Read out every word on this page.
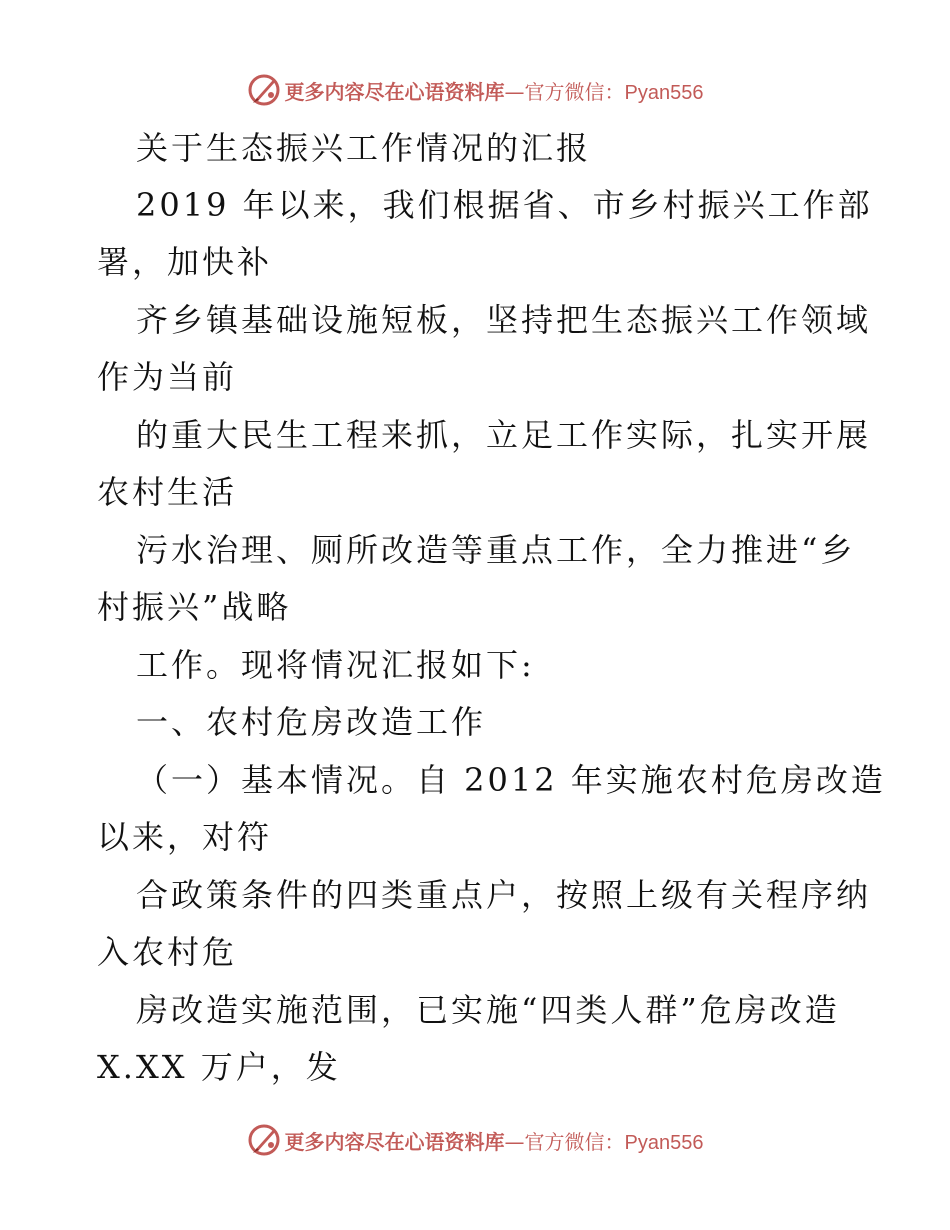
更多内容尽在心语资料库—官方微信：Pyan556
关于生态振兴工作情况的汇报
2019 年以来，我们根据省、市乡村振兴工作部
署，加快补
齐乡镇基础设施短板，坚持把生态振兴工作领域
作为当前
的重大民生工程来抓，立足工作实际，扎实开展
农村生活
污水治理、厕所改造等重点工作，全力推进“乡
村振兴”战略
工作。现将情况汇报如下:
一、农村危房改造工作
（一）基本情况。自 2012 年实施农村危房改造
以来，对符
合政策条件的四类重点户，按照上级有关程序纳
入农村危
房改造实施范围，已实施“四类人群”危房改造
X.XX 万户，发
更多内容尽在心语资料库—官方微信：Pyan556
